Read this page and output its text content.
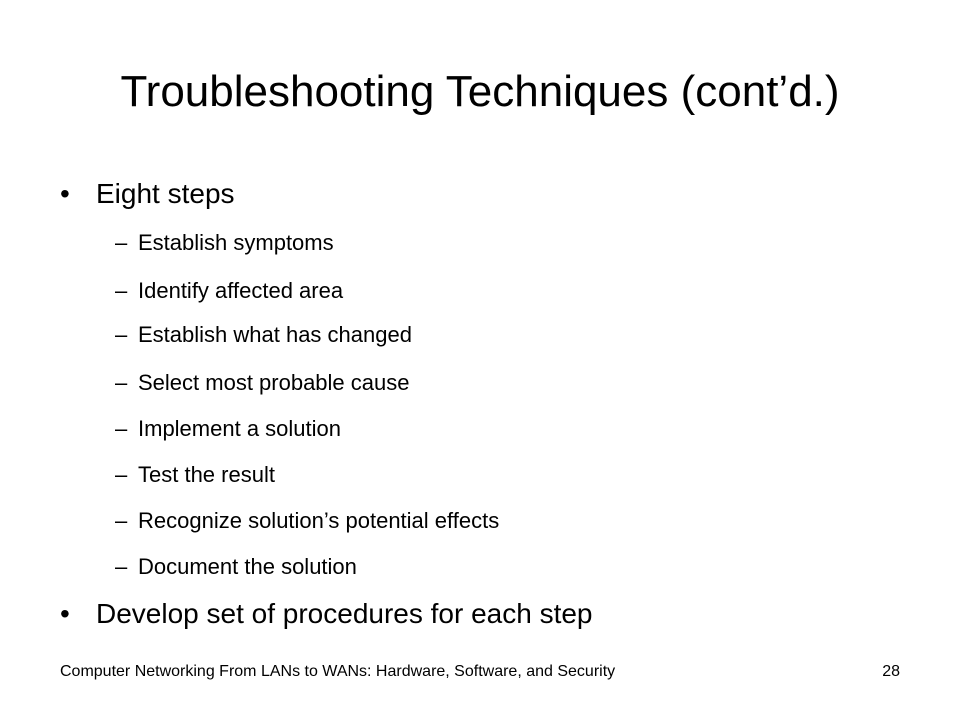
Troubleshooting Techniques (cont’d.)
• Eight steps
– Establish symptoms
– Identify affected area
– Establish what has changed
– Select most probable cause
– Implement a solution
– Test the result
– Recognize solution’s potential effects
– Document the solution
• Develop set of procedures for each step
Computer Networking From LANs to WANs: Hardware, Software, and Security	28
